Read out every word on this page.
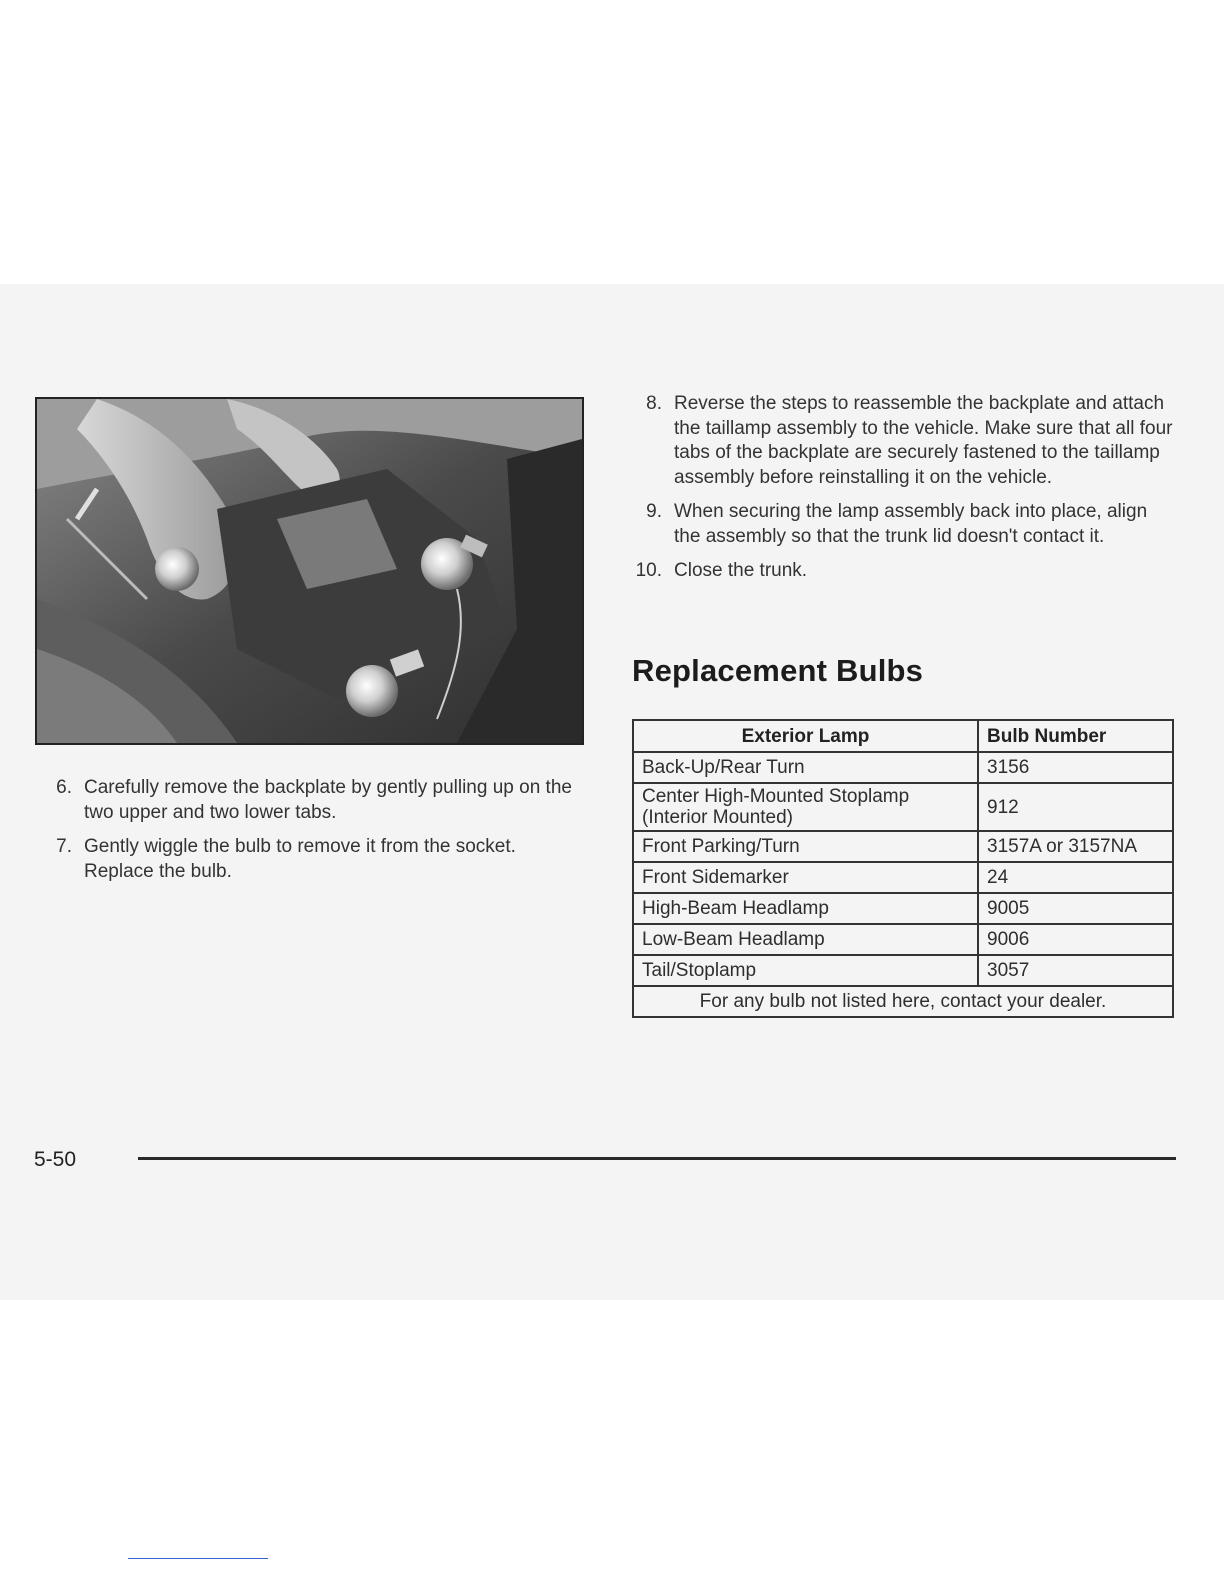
6. Carefully remove the backplate by gently pulling up on the two upper and two lower tabs.
7. Gently wiggle the bulb to remove it from the socket. Replace the bulb.
8. Reverse the steps to reassemble the backplate and attach the taillamp assembly to the vehicle. Make sure that all four tabs of the backplate are securely fastened to the taillamp assembly before reinstalling it on the vehicle.
9. When securing the lamp assembly back into place, align the assembly so that the trunk lid doesn't contact it.
10. Close the trunk.
Replacement Bulbs
Exterior Lamp	Bulb Number

Back-Up/Rear Turn	3156

Center High-Mounted Stoplamp
(Interior Mounted)	912

Front Parking/Turn	3157A or 3157NA

Front Sidemarker	24

High-Beam Headlamp	9005

Low-Beam Headlamp	9006

Tail/Stoplamp	3057
For any bulb not listed here, contact your dealer.	
5-50
